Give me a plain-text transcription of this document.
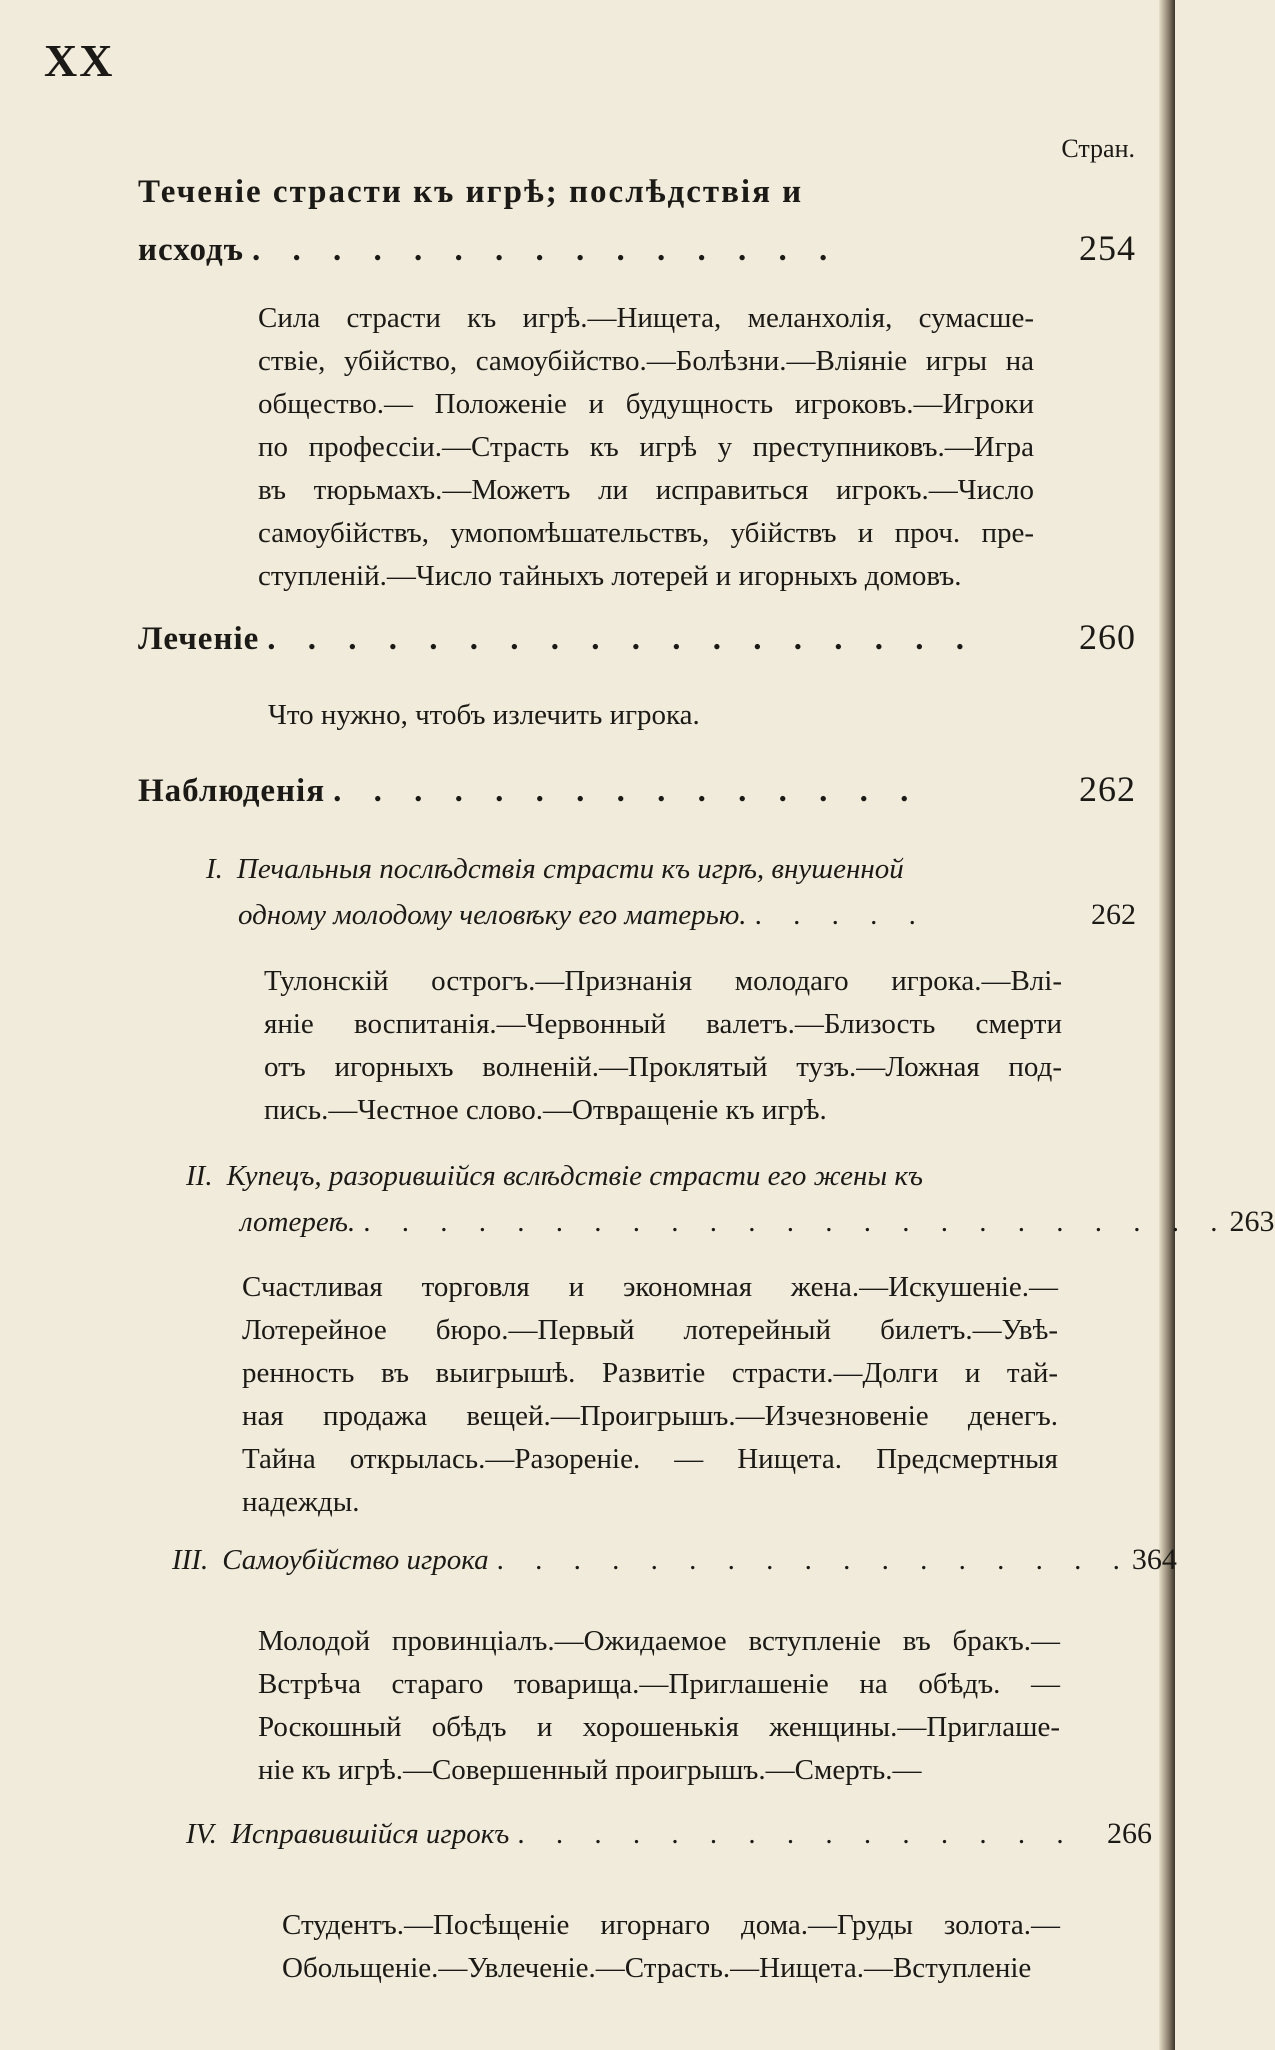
XX
Стран.
Теченіе страсти къ игрѣ; послѣдствія и
исходъ . . . . . . . . . . . . . . .	254
Сила страсти къ игрѣ.—Нищета, меланхолія, сумасше-
ствіе, убійство, самоубійство.—Болѣзни.—Вліяніе игры на
общество.— Положеніе и будущность игроковъ.—Игроки
по профессіи.—Страсть къ игрѣ у преступниковъ.—Игра
въ тюрьмахъ.—Можетъ ли исправиться игрокъ.—Число
самоубійствъ, умопомѣшательствъ, убійствъ и проч. пре-
ступленій.—Число тайныхъ лотерей и игорныхъ домовъ.
Леченіе . . . . . . . . . . . . . . . . . .	260
Что нужно, чтобъ излечить игрока.
Наблюденія . . . . . . . . . . . . . . .	262
I. Печальныя послѣдствія страсти къ игрѣ, внушенной
одному молодому человѣку его матерью. . . . . .	262
Тулонскій острогъ.—Признанія молодаго игрока.—Влі-
яніе воспитанія.—Червонный валетъ.—Близость смерти
отъ игорныхъ волненій.—Проклятый тузъ.—Ложная под-
пись.—Честное слово.—Отвращеніе къ игрѣ.
II. Купецъ, разорившійся вслѣдствіе страсти его жены къ
лотереѣ. . . . . . . . . . . . . . . . . . . . . . . . 263
Счастливая торговля и экономная жена.—Искушеніе.—
Лотерейное бюро.—Первый лотерейный билетъ.—Увѣ-
ренность въ выигрышѣ. Развитіе страсти.—Долги и тай-
ная продажа вещей.—Проигрышъ.—Изчезновеніе денегъ.
Тайна открылась.—Разореніе. — Нищета. Предсмертныя
надежды.
III. Самоубійство игрока . . . . . . . . . . . . . . . . . 364
Молодой провинціалъ.—Ожидаемое вступленіе въ бракъ.—
Встрѣча стараго товарища.—Приглашеніе на обѣдъ. —
Роскошный обѣдъ и хорошенькія женщины.—Приглаше-
ніе къ игрѣ.—Совершенный проигрышъ.—Смерть.—
IV. Исправившійся игрокъ . . . . . . . . . . . . . . .	266
Студентъ.—Посѣщеніе игорнаго дома.—Груды золота.—
Обольщеніе.—Увлеченіе.—Страсть.—Нищета.—Вступленіе
